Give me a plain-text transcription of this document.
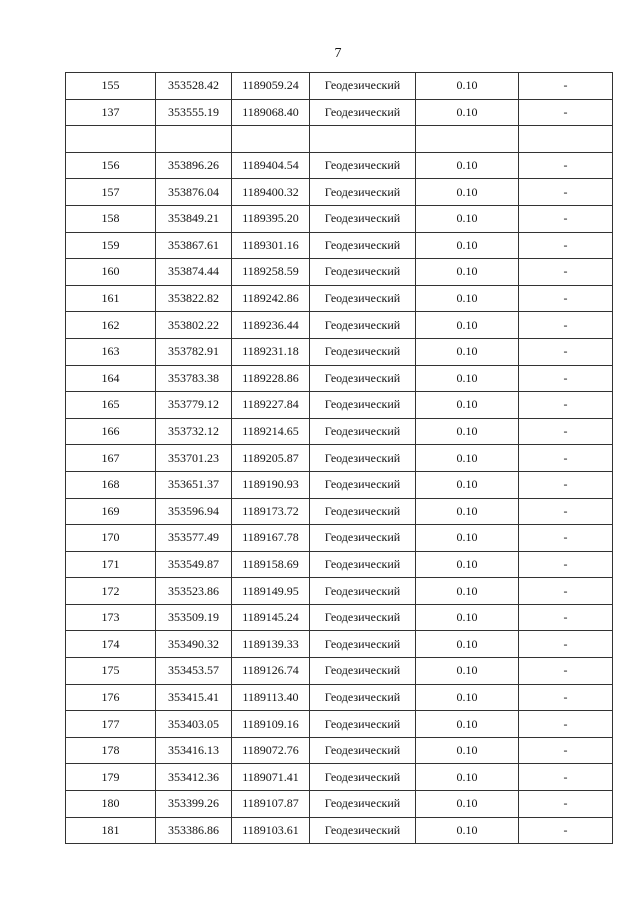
7
155	353528.42	1189059.24	Геодезический	0.10	-
137	353555.19	1189068.40	Геодезический	0.10	-

156	353896.26	1189404.54	Геодезический	0.10	-
157	353876.04	1189400.32	Геодезический	0.10	-
158	353849.21	1189395.20	Геодезический	0.10	-
159	353867.61	1189301.16	Геодезический	0.10	-
160	353874.44	1189258.59	Геодезический	0.10	-
161	353822.82	1189242.86	Геодезический	0.10	-
162	353802.22	1189236.44	Геодезический	0.10	-
163	353782.91	1189231.18	Геодезический	0.10	-
164	353783.38	1189228.86	Геодезический	0.10	-
165	353779.12	1189227.84	Геодезический	0.10	-
166	353732.12	1189214.65	Геодезический	0.10	-
167	353701.23	1189205.87	Геодезический	0.10	-
168	353651.37	1189190.93	Геодезический	0.10	-
169	353596.94	1189173.72	Геодезический	0.10	-
170	353577.49	1189167.78	Геодезический	0.10	-
171	353549.87	1189158.69	Геодезический	0.10	-
172	353523.86	1189149.95	Геодезический	0.10	-
173	353509.19	1189145.24	Геодезический	0.10	-
174	353490.32	1189139.33	Геодезический	0.10	-
175	353453.57	1189126.74	Геодезический	0.10	-
176	353415.41	1189113.40	Геодезический	0.10	-
177	353403.05	1189109.16	Геодезический	0.10	-
178	353416.13	1189072.76	Геодезический	0.10	-
179	353412.36	1189071.41	Геодезический	0.10	-
180	353399.26	1189107.87	Геодезический	0.10	-
181	353386.86	1189103.61	Геодезический	0.10	-
